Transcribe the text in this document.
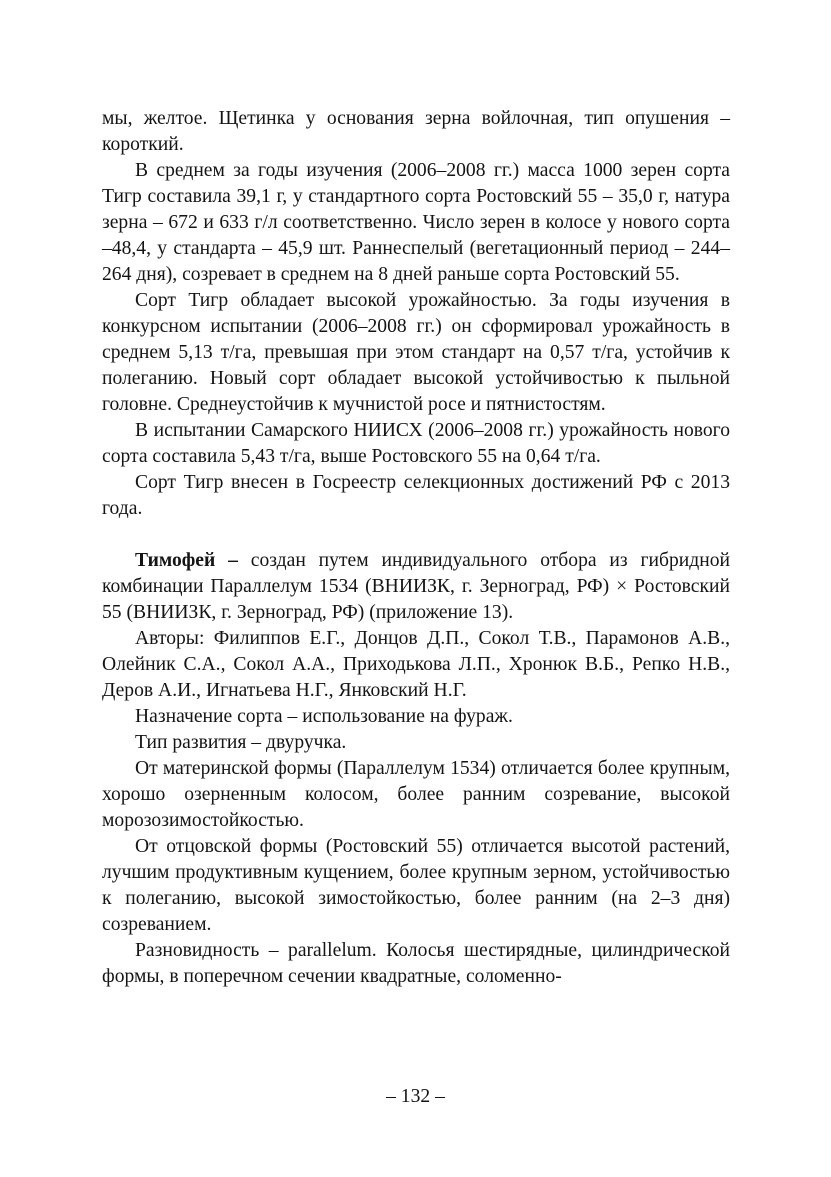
мы, желтое. Щетинка у основания зерна войлочная, тип опушения – короткий.

В среднем за годы изучения (2006–2008 гг.) масса 1000 зерен сорта Тигр составила 39,1 г, у стандартного сорта Ростовский 55 – 35,0 г, натура зерна – 672 и 633 г/л соответственно. Число зерен в колосе у нового сорта –48,4, у стандарта – 45,9 шт. Раннеспелый (вегетационный период – 244–264 дня), созревает в среднем на 8 дней раньше сорта Ростовский 55.

Сорт Тигр обладает высокой урожайностью. За годы изучения в конкурсном испытании (2006–2008 гг.) он сформировал урожайность в среднем 5,13 т/га, превышая при этом стандарт на 0,57 т/га, устойчив к полеганию. Новый сорт обладает высокой устойчивостью к пыльной головне. Среднеустойчив к мучнистой росе и пятнистостям.

В испытании Самарского НИИСХ (2006–2008 гг.) урожайность нового сорта составила 5,43 т/га, выше Ростовского 55 на 0,64 т/га.

Сорт Тигр внесен в Госреестр селекционных достижений РФ с 2013 года.

Тимофей – создан путем индивидуального отбора из гибридной комбинации Параллелум 1534 (ВНИИЗК, г. Зерноград, РФ) × Ростовский 55 (ВНИИЗК, г. Зерноград, РФ) (приложение 13).

Авторы: Филиппов Е.Г., Донцов Д.П., Сокол Т.В., Парамонов А.В., Олейник С.А., Сокол А.А., Приходькова Л.П., Хронюк В.Б., Репко Н.В., Деров А.И., Игнатьева Н.Г., Янковский Н.Г.

Назначение сорта – использование на фураж.

Тип развития – двуручка.

От материнской формы (Параллелум 1534) отличается более крупным, хорошо озерненным колосом, более ранним созревание, высокой морозозимостойкостью.

От отцовской формы (Ростовский 55) отличается высотой растений, лучшим продуктивным кущением, более крупным зерном, устойчивостью к полеганию, высокой зимостойкостью, более ранним (на 2–3 дня) созреванием.

Разновидность – parallelum. Колосья шестирядные, цилиндрической формы, в поперечном сечении квадратные, соломенно-

– 132 –
